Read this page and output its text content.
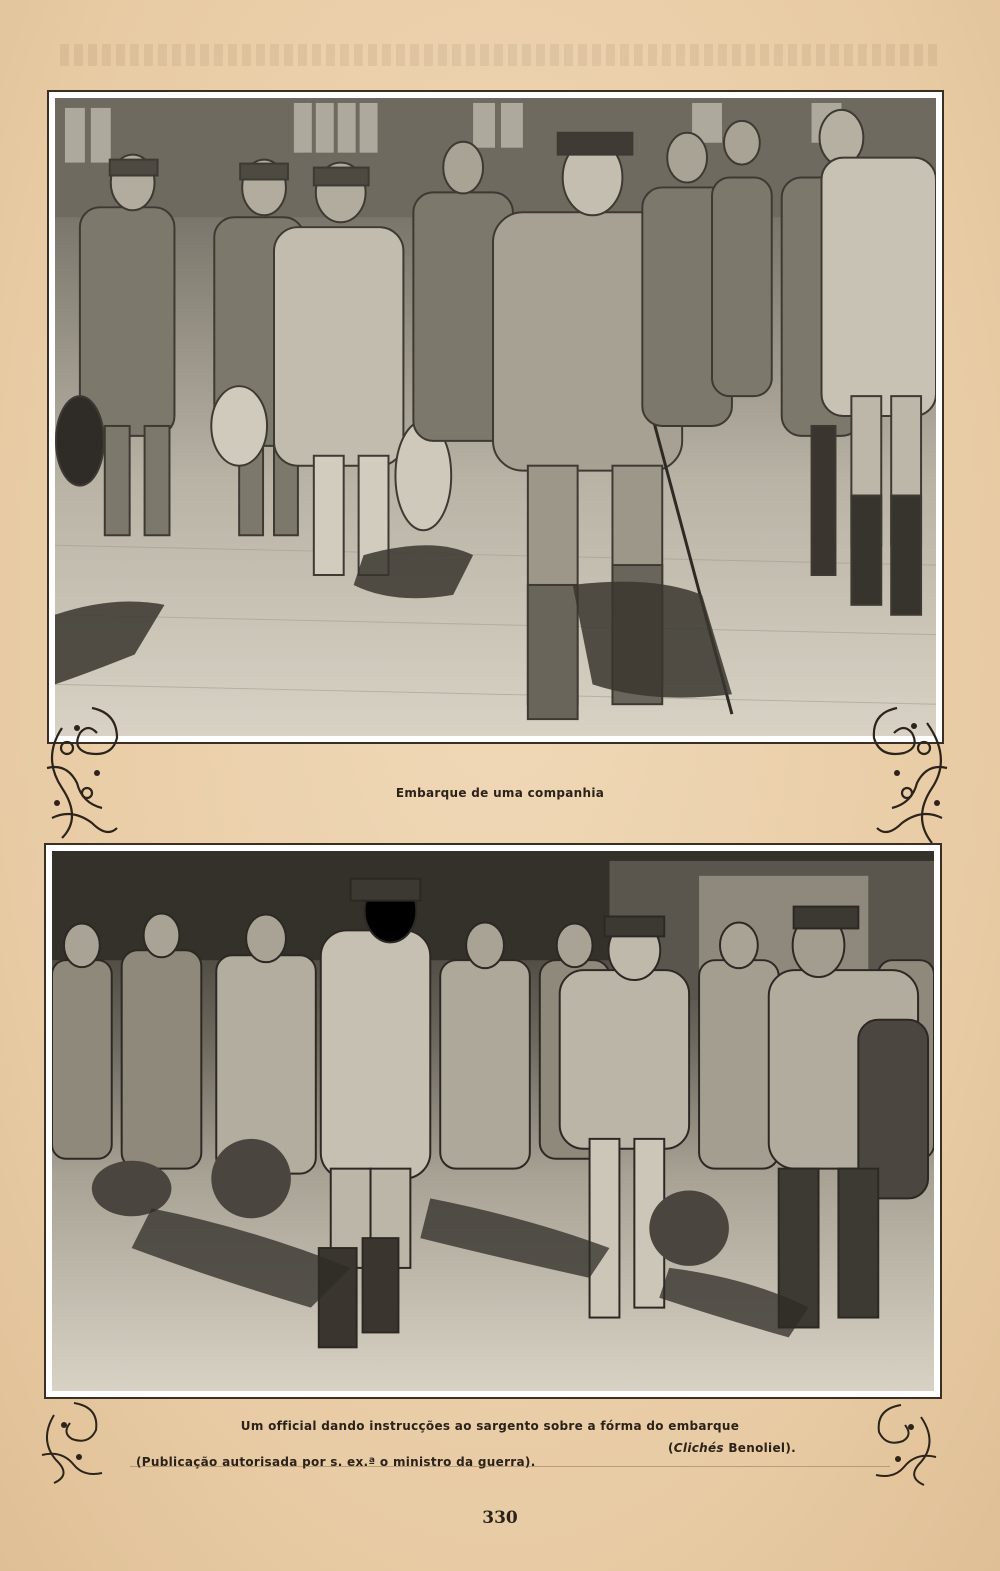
Embarque de uma companhia
Um official dando instrucções ao sargento sobre a fórma do embarque
(Clichés Benoliel).
(Publicação autorisada por s. ex.ª o ministro da guerra).
330
